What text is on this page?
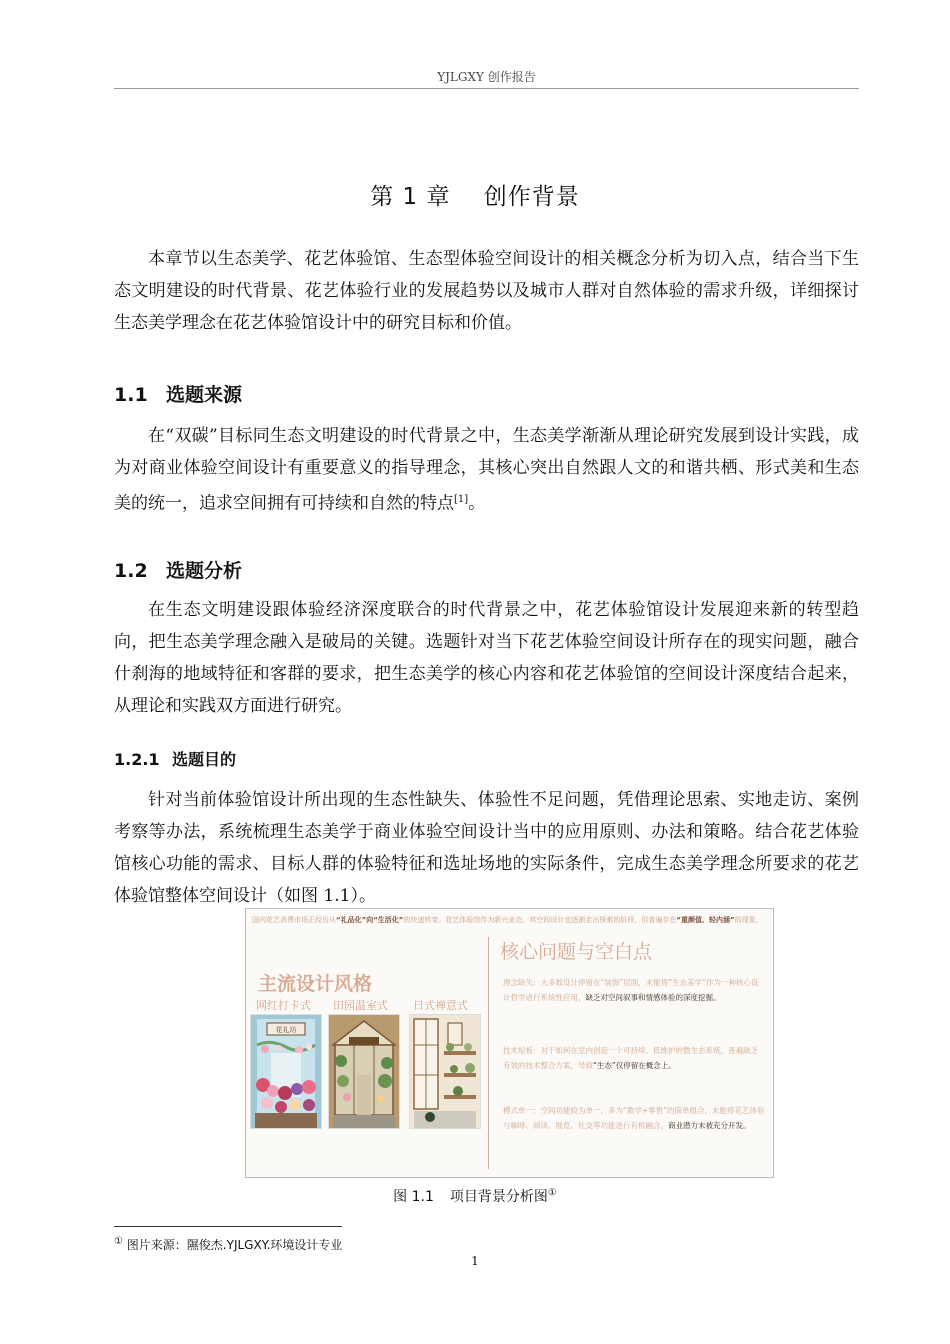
YJLGXY 创作报告
第 1 章    创作背景

本章节以生态美学、花艺体验馆、生态型体验空间设计的相关概念分析为切入点，结合当下生态文明建设的时代背景、花艺体验行业的发展趋势以及城市人群对自然体验的需求升级，详细探讨生态美学理念在花艺体验馆设计中的研究目标和价值。

1.1 选题来源

在“双碳”目标同生态文明建设的时代背景之中，生态美学渐渐从理论研究发展到设计实践，成为对商业体验空间设计有重要意义的指导理念，其核心突出自然跟人文的和谐共栖、形式美和生态美的统一，追求空间拥有可持续和自然的特点[1]。

1.2 选题分析

在生态文明建设跟体验经济深度联合的时代背景之中，花艺体验馆设计发展迎来新的转型趋向，把生态美学理念融入是破局的关键。选题针对当下花艺体验空间设计所存在的现实问题，融合什刹海的地域特征和客群的要求，把生态美学的核心内容和花艺体验馆的空间设计深度结合起来，从理论和实践双方面进行研究。

1.2.1 选题目的

针对当前体验馆设计所出现的生态性缺失、体验性不足问题，凭借理论思索、实地走访、案例考察等办法，系统梳理生态美学于商业体验空间设计当中的应用原则、办法和策略。结合花艺体验馆核心功能的需求、目标人群的体验特征和选址场地的实际条件，完成生态美学理念所要求的花艺体验馆整体空间设计（如图 1.1）。

国内花艺消费市场正经历从“礼品化”向“生活化”的快速转变。花艺体验馆作为新兴业态，其空间设计也逐渐走出探索的阶段，但普遍存在“重颜值、轻内涵”的现象。
主流设计风格
网红打卡式 田园温室式 日式禅意式
花礼坊
核心问题与空白点
理念缺失：大多数设计停留在“装饰”层面，未能将“生态美学”作为一种核心设计哲学进行系统性应用，缺乏对空间叙事和情感体验的深度挖掘。
技术短板：对于如何在室内创造一个可持续、低维护的微生态系统，普遍缺乏有效的技术整合方案，导致“生态”仅停留在概念上。
模式单一：空间功能较为单一，多为“教学+零售”的简单组合，未能将花艺体验与咖啡、阅读、展览、社交等功能进行有机融合，商业潜力未被充分开发。
图 1.1 项目背景分析图①
① 图片来源：隰俊杰.YJLGXY.环境设计专业
1
